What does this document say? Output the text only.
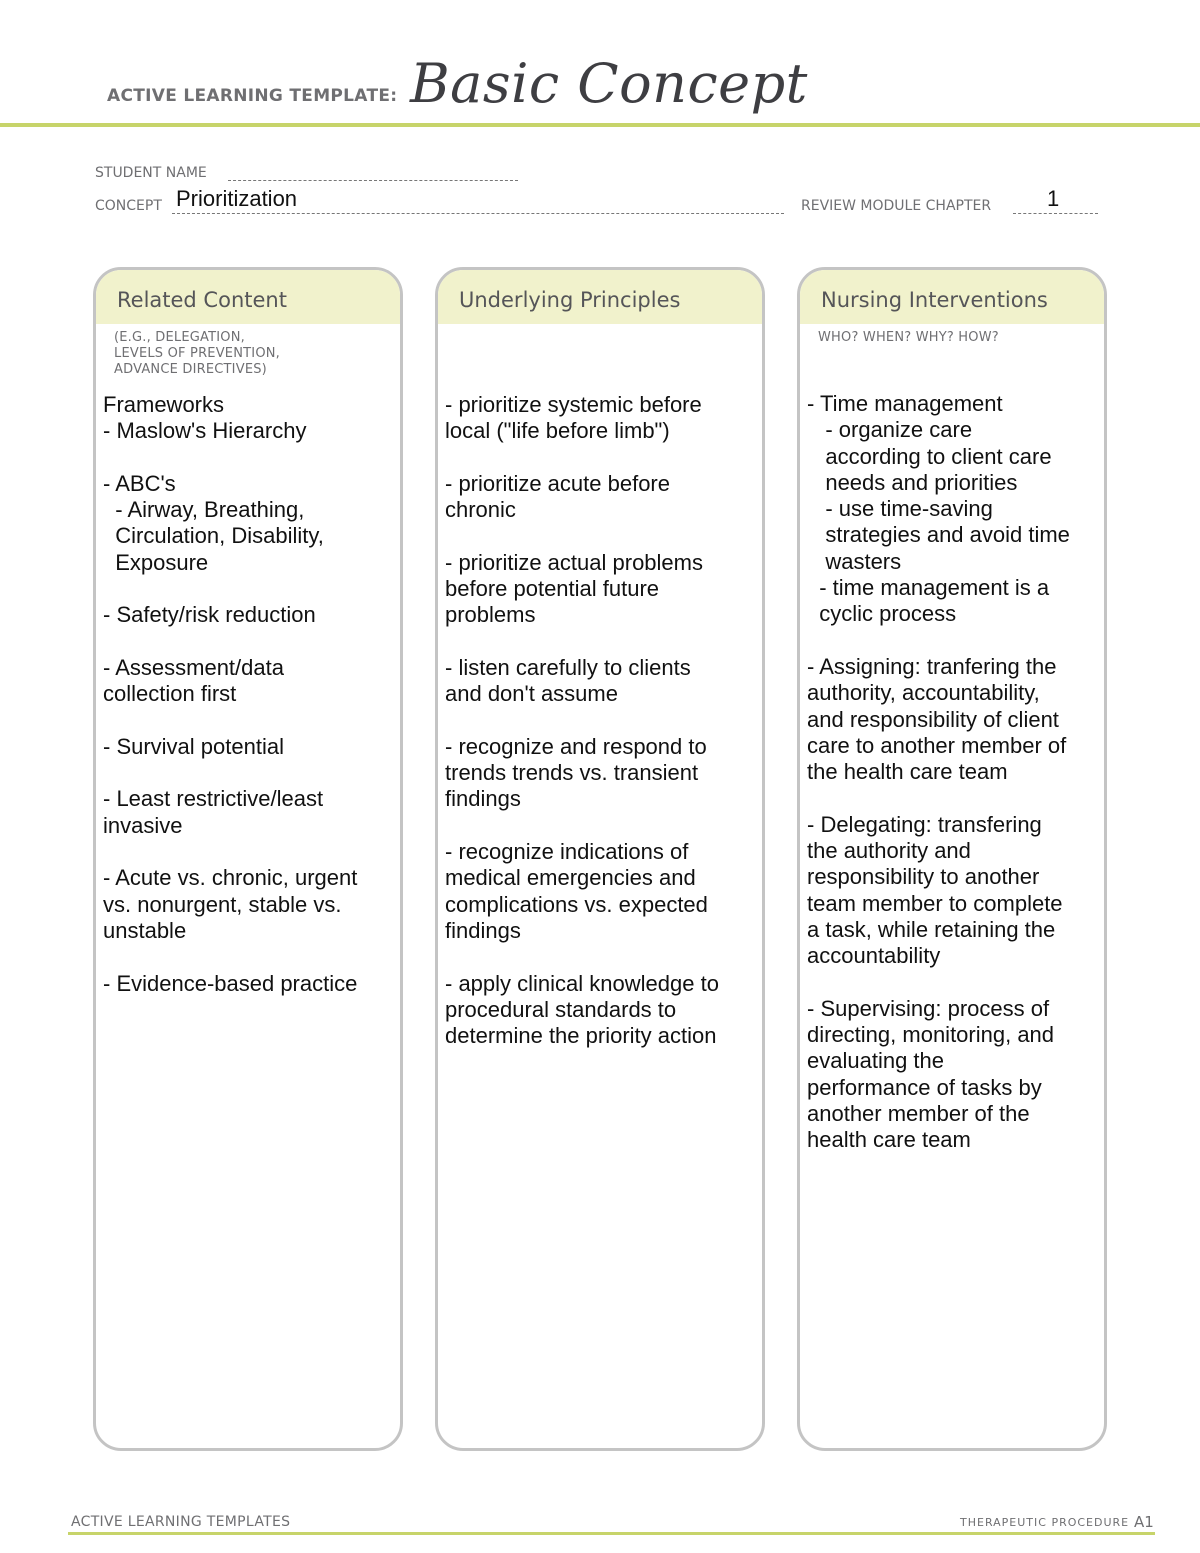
ACTIVE LEARNING TEMPLATE: Basic Concept
STUDENT NAME
CONCEPT Prioritization	REVIEW MODULE CHAPTER	1
Related Content
(E.G., DELEGATION,
LEVELS OF PREVENTION,
ADVANCE DIRECTIVES)
Frameworks
- Maslow's Hierarchy
- ABC's
- Airway, Breathing,
Circulation, Disability,
Exposure
- Safety/risk reduction
- Assessment/data
collection first
- Survival potential
- Least restrictive/least
invasive
- Acute vs. chronic, urgent
vs. nonurgent, stable vs.
unstable
- Evidence-based practice
Underlying Principles
- prioritize systemic before
local ("life before limb")
- prioritize acute before
chronic
- prioritize actual problems
before potential future
problems
- listen carefully to clients
and don't assume
- recognize and respond to
trends trends vs. transient
findings
- recognize indications of
medical emergencies and
complications vs. expected
findings
- apply clinical knowledge to
procedural standards to
determine the priority action
Nursing Interventions
WHO? WHEN? WHY? HOW?
- Time management
- organize care
according to client care
needs and priorities
- use time-saving
strategies and avoid time
wasters
- time management is a
cyclic process
- Assigning: tranfering the
authority, accountability,
and responsibility of client
care to another member of
the health care team
- Delegating: transfering
the authority and
responsibility to another
team member to complete
a task, while retaining the
accountability
- Supervising: process of
directing, monitoring, and
evaluating the
performance of tasks by
another member of the
health care team
ACTIVE LEARNING TEMPLATES	THERAPEUTIC PROCEDURE A1
